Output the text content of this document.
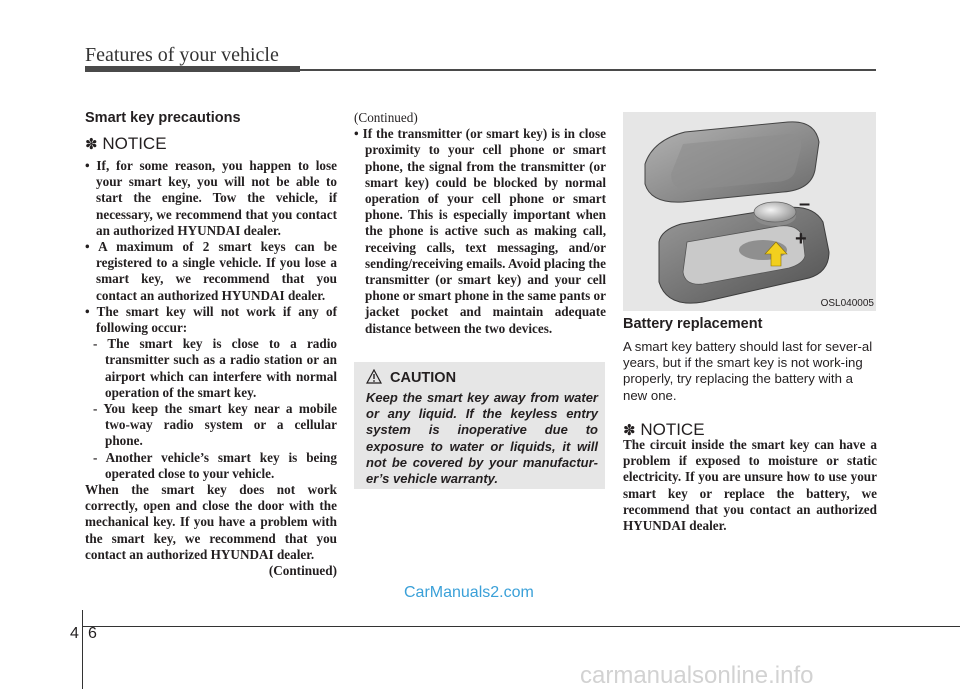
Features of your vehicle
Smart key precautions
✽ NOTICE
• If, for some reason, you happen to lose your smart key, you will not be able to start the engine. Tow the vehicle, if necessary, we recommend that you contact an authorized HYUNDAI dealer.
• A maximum of 2 smart keys can be registered to a single vehicle. If you lose a smart key, we recommend that you contact an authorized HYUNDAI dealer.
• The smart key will not work if any of following occur:
- The smart key is close to a radio transmitter such as a radio station or an airport which can interfere with normal operation of the smart key.
- You keep the smart key near a mobile two-way radio system or a cellular phone.
- Another vehicle’s smart key is being operated close to your vehicle.
When the smart key does not work correctly, open and close the door with the mechanical key. If you have a problem with the smart key, we recommend that you contact an authorized HYUNDAI dealer.
(Continued)
(Continued)
• If the transmitter (or smart key) is in close proximity to your cell phone or smart phone, the signal from the transmitter (or smart key) could be blocked by normal operation of your cell phone or smart phone. This is especially important when the phone is active such as making call, receiving calls, text messaging, and/or sending/receiving emails. Avoid placing the transmitter (or smart key) and your cell phone or smart phone in the same pants or jacket pocket and maintain adequate distance between the two devices.
CAUTION
Keep the smart key away from water or any liquid. If the keyless entry system is inoperative due to exposure to water or liquids, it will not be covered by your manufactur-er’s vehicle warranty.
–
+
OSL040005
Battery replacement
A smart key battery should last for sever-al years, but if the smart key is not work-ing properly, try replacing the battery with a new one.
✽ NOTICE
The circuit inside the smart key can have a problem if exposed to moisture or static electricity. If you are unsure how to use your smart key or replace the battery, we recommend that you contact an authorized HYUNDAI dealer.
CarManuals2.com
4 6
carmanualsonline.info
